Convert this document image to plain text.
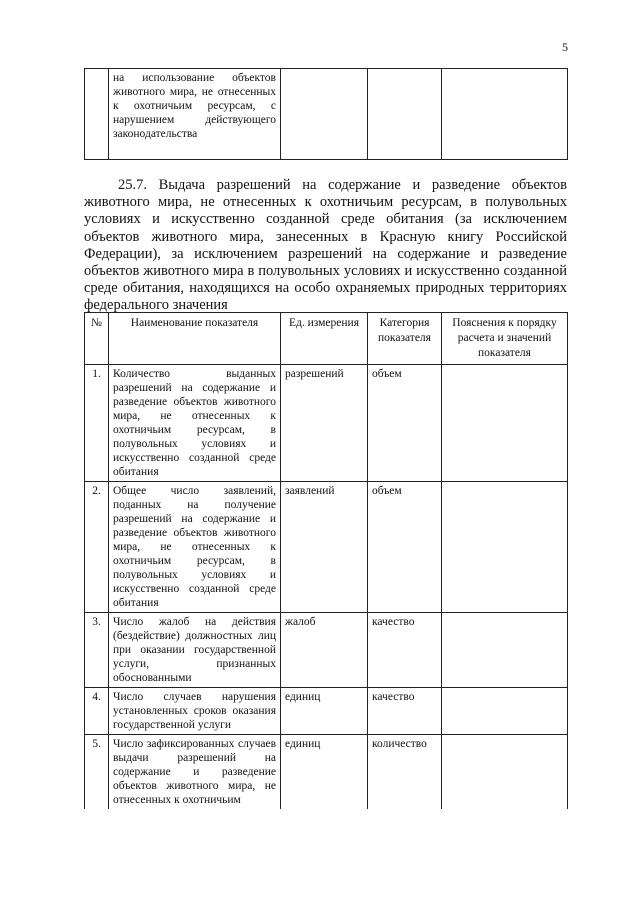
5
	на использование объектов животного мира, не отнесенных к охотничьим ресурсам, с нарушением действующего законодательства			

25.7. Выдача разрешений на содержание и разведение объектов животного мира, не отнесенных к охотничьим ресурсам, в полувольных условиях и искусственно созданной среде обитания (за исключением объектов животного мира, занесенных в Красную книгу Российской Федерации), за исключением разрешений на содержание и разведение объектов животного мира в полувольных условиях и искусственно созданной среде обитания, находящихся на особо охраняемых природных территориях федерального значения

№	Наименование показателя	Ед. измерения	Категория показателя	Пояснения к порядку расчета и значений показателя
1.	Количество выданных разрешений на содержание и разведение объектов животного мира, не отнесенных к охотничьим ресурсам, в полувольных условиях и искусственно созданной среде обитания	разрешений	объем	
2.	Общее число заявлений, поданных на получение разрешений на содержание и разведение объектов животного мира, не отнесенных к охотничьим ресурсам, в полувольных условиях и искусственно созданной среде обитания	заявлений	объем	
3.	Число жалоб на действия (бездействие) должностных лиц при оказании государственной услуги, признанных обоснованными	жалоб	качество	
4.	Число случаев нарушения установленных сроков оказания государственной услуги	единиц	качество	
5.	Число зафиксированных случаев выдачи разрешений на содержание и разведение объектов животного мира, не отнесенных к охотничьим	единиц	количество	
